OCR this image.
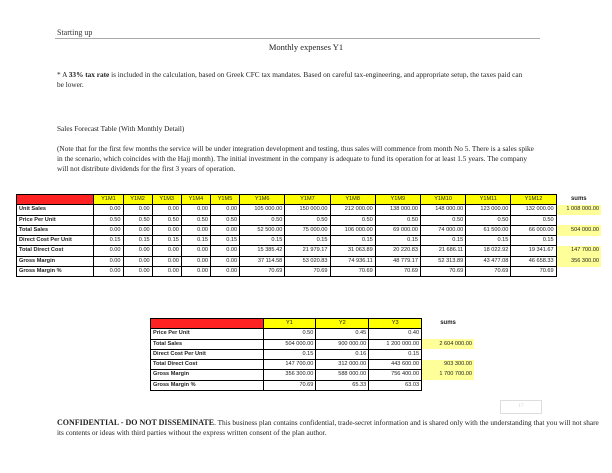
Starting up
Monthly expenses Y1
* A 33% tax rate is included in the calculation, based on Greek CFC tax mandates. Based on careful tax-engineering, and appropriate setup, the taxes paid can be lower.
Sales Forecast Table (With Monthly Detail)
(Note that for the first few months the service will be under integration development and testing, thus sales will commence from month No 5. There is a sales spike in the scenario, which coincides with the Hajj month). The initial investment in the company is adequate to fund its operation for at least 1.5 years. The company will not distribute dividends for the first 3 years of operation.
Year 1	Y1M1	Y1M2	Y1M3	Y1M4	Y1M5	Y1M6	Y1M7	Y1M8	Y1M9	Y1M10	Y1M11	Y1M12	sums
Unit Sales	0.00	0.00	0.00	0.00	0.00	105 000.00	150 000.00	212 000.00	138 000.00	148 000.00	123 000.00	132 000.00	1 008 000.00
Price Per Unit	0.50	0.50	0.50	0.50	0.50	0.50	0.50	0.50	0.50	0.50	0.50	0.50	
Total Sales	0.00	0.00	0.00	0.00	0.00	52 500.00	75 000.00	106 000.00	69 000.00	74 000.00	61 500.00	66 000.00	504 000.00
Direct Cost Per Unit	0.15	0.15	0.15	0.15	0.15	0.15	0.15	0.15	0.15	0.15	0.15	0.15	
Total Direct Cost	0.00	0.00	0.00	0.00	0.00	15 385.42	21 979.17	31 063.89	20 220.83	21 686.11	18 022.92	19 341.67	147 700.00
Gross Margin	0.00	0.00	0.00	0.00	0.00	37 114.58	53 020.83	74 936.11	48 779.17	52 313.89	43 477.08	46 658.33	356 300.00
Gross Margin %	0.00	0.00	0.00	0.00	0.00	70.69	70.69	70.69	70.69	70.69	70.69	70.69	
Unit Sales	Y1	Y2	Y3	sums
Price Per Unit	0.50	0.45	0.40	
Total Sales	504 000.00	900 000.00	1 200 000.00	2 604 000.00
Direct Cost Per Unit	0.15	0.16	0.15	
Total Direct Cost	147 700.00	312 000.00	443 600.00	903 300.00
Gross Margin	356 300.00	588 000.00	756 400.00	1 700 700.00
Gross Margin %	70.69	65.33	63.03	
17
CONFIDENTIAL - DO NOT DISSEMINATE. This business plan contains confidential, trade-secret information and is shared only with the understanding that you will not share its contents or ideas with third parties without the express written consent of the plan author.
